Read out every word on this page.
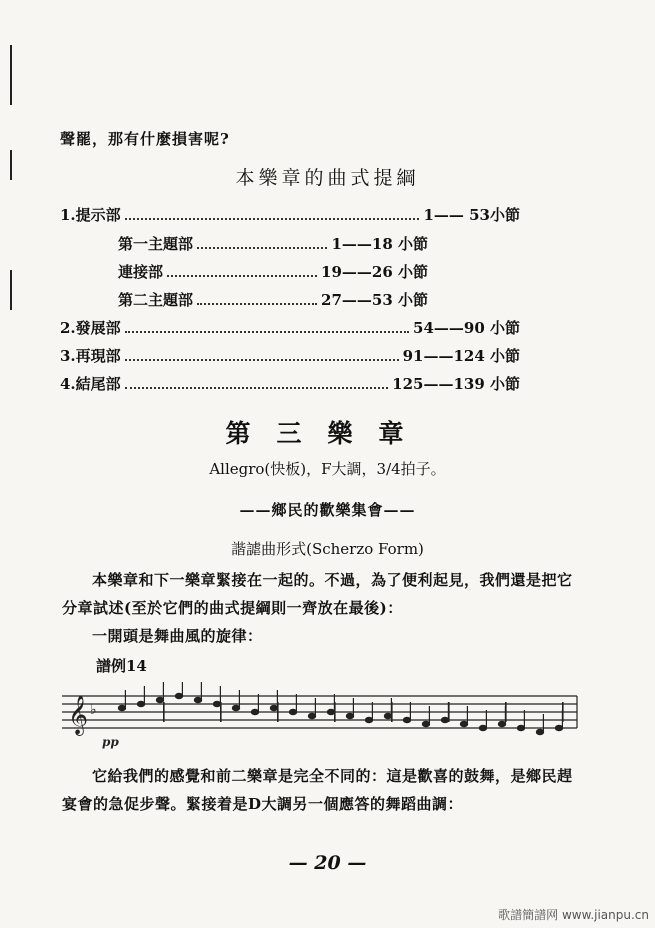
聲罷，那有什麼損害呢?
本樂章的曲式提綱
1.提示部	1—— 53小節
第一主題部	1——18 小節
連接部	19——26 小節
第二主題部	27——53 小節
2.發展部	54——90 小節
3.再現部	91——124 小節
4.結尾部	125——139 小節
第三樂章
Allegro(快板)，F大調，3/4拍子。
——鄉民的歡樂集會——
諧謔曲形式(Scherzo Form)
本樂章和下一樂章緊接在一起的。不過，為了便利起見，我們還是把它分章試述(至於它們的曲式提綱則一齊放在最後)：
一開頭是舞曲風的旋律：
譜例14
𝄞 ♭
pp
它給我們的感覺和前二樂章是完全不同的：這是歡喜的鼓舞，是鄉民趕宴會的急促步聲。緊接着是D大調另一個應答的舞蹈曲調：
— 20 —
歌譜簡譜网 www.jianpu.cn
